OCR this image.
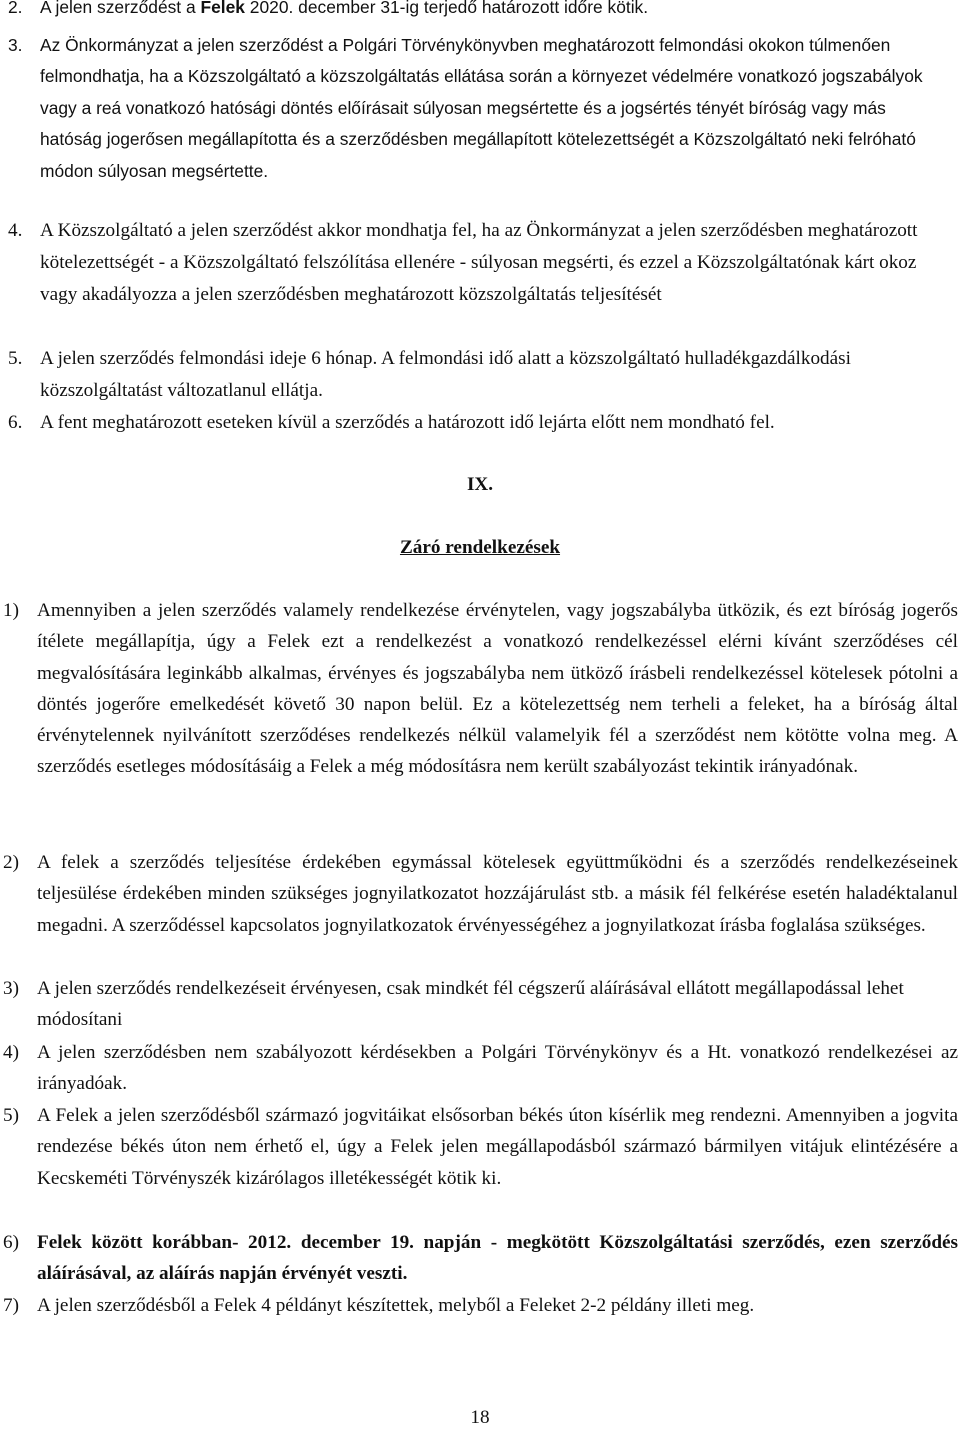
2.	A jelen szerződést a Felek 2020. december 31-ig terjedő határozott időre kötik.
3.	Az Önkormányzat a jelen szerződést a Polgári Törvénykönyvben meghatározott felmondási okokon túlmenően felmondhatja, ha a Közszolgáltató a közszolgáltatás ellátása során a környezet védelmére vonatkozó jogszabályok vagy a reá vonatkozó hatósági döntés előírásait súlyosan megsértette és a jogsértés tényét bíróság vagy más hatóság jogerősen megállapította és a szerződésben megállapított kötelezettségét a Közszolgáltató neki felróható módon súlyosan megsértette.
4. A Közszolgáltató a jelen szerződést akkor mondhatja fel, ha az Önkormányzat a jelen szerződésben meghatározott kötelezettségét - a Közszolgáltató felszólítása ellenére - súlyosan megsérti, és ezzel a Közszolgáltatónak kárt okoz vagy akadályozza a jelen szerződésben meghatározott közszolgáltatás teljesítését
5. A jelen szerződés felmondási ideje 6 hónap. A felmondási idő alatt a közszolgáltató hulladékgazdálkodási közszolgáltatást változatlanul ellátja.
6. A fent meghatározott eseteken kívül a szerződés a határozott idő lejárta előtt nem mondható fel.
IX.
Záró rendelkezések
1) Amennyiben a jelen szerződés valamely rendelkezése érvénytelen, vagy jogszabályba ütközik, és ezt bíróság jogerős ítélete megállapítja, úgy a Felek ezt a rendelkezést a vonatkozó rendelkezéssel elérni kívánt szerződéses cél megvalósítására leginkább alkalmas, érvényes és jogszabályba nem ütköző írásbeli rendelkezéssel kötelesek pótolni a döntés jogerőre emelkedését követő 30 napon belül. Ez a kötelezettség nem terheli a feleket, ha a bíróság által érvénytelennek nyilvánított szerződéses rendelkezés nélkül valamelyik fél a szerződést nem kötötte volna meg. A szerződés esetleges módosításáig a Felek a még módosításra nem került szabályozást tekintik irányadónak.
2) A felek a szerződés teljesítése érdekében egymással kötelesek együttműködni és a szerződés rendelkezéseinek teljesülése érdekében minden szükséges jognyilatkozatot hozzájárulást stb. a másik fél felkérése esetén haladéktalanul megadni. A szerződéssel kapcsolatos jognyilatkozatok érvényességéhez a jognyilatkozat írásba foglalása szükséges.
3) A jelen szerződés rendelkezéseit érvényesen, csak mindkét fél cégszerű aláírásával ellátott megállapodással lehet módosítani
4) A jelen szerződésben nem szabályozott kérdésekben a Polgári Törvénykönyv és a Ht. vonatkozó rendelkezései az irányadóak.
5) A Felek a jelen szerződésből származó jogvitáikat elsősorban békés úton kísérlik meg rendezni. Amennyiben a jogvita rendezése békés úton nem érhető el, úgy a Felek jelen megállapodásból származó bármilyen vitájuk elintézésére a Kecskeméti Törvényszék kizárólagos illetékességét kötik ki.
6) Felek között korábban- 2012. december 19. napján - megkötött Közszolgáltatási szerződés, ezen szerződés aláírásával, az aláírás napján érvényét veszti.
7) A jelen szerződésből a Felek 4 példányt készítettek, melyből a Feleket 2-2 példány illeti meg.
18
